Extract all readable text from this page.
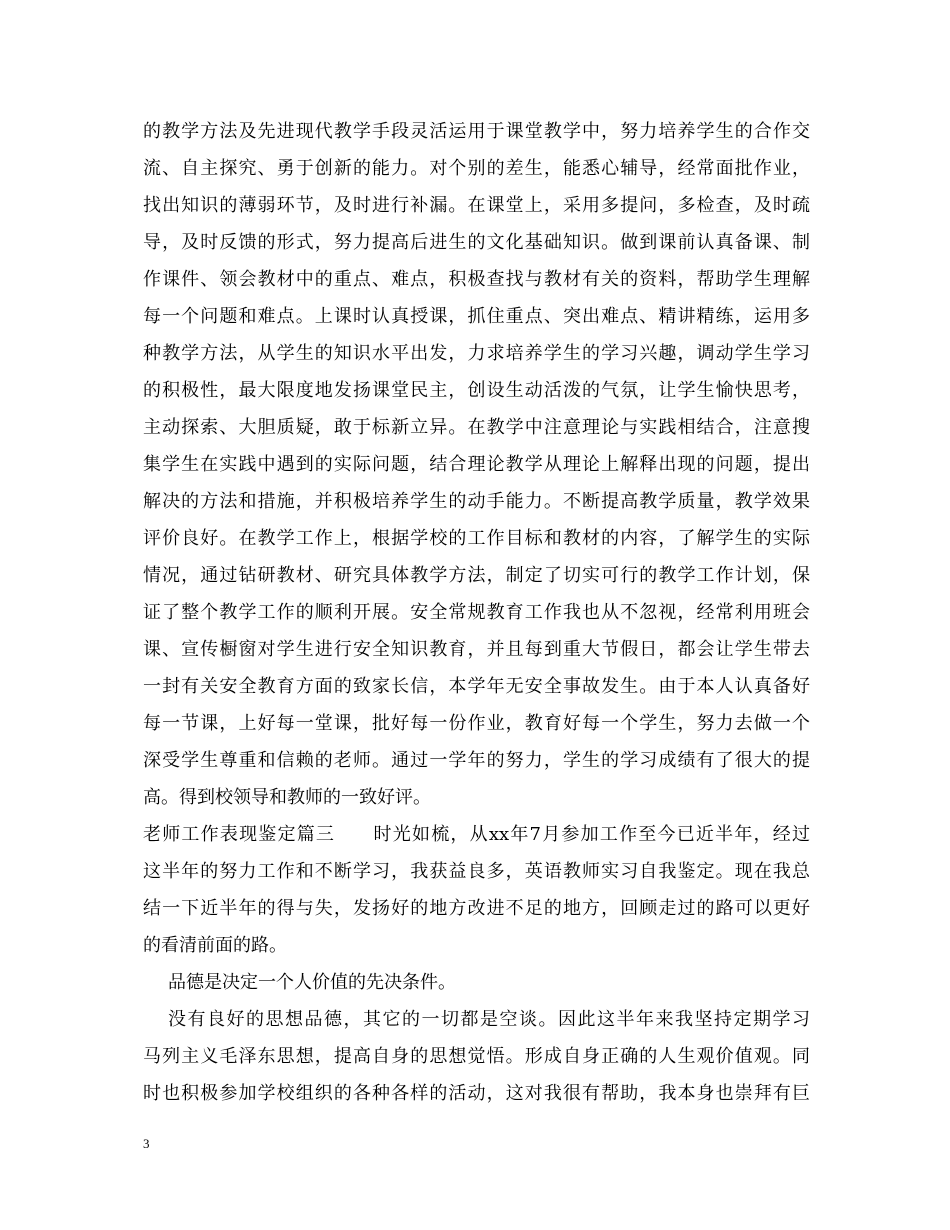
的教学方法及先进现代教学手段灵活运用于课堂教学中，努力培养学生的合作交
流、自主探究、勇于创新的能力。对个别的差生，能悉心辅导，经常面批作业，
找出知识的薄弱环节，及时进行补漏。在课堂上，采用多提问，多检查，及时疏
导，及时反馈的形式，努力提高后进生的文化基础知识。做到课前认真备课、制
作课件、领会教材中的重点、难点，积极查找与教材有关的资料，帮助学生理解
每一个问题和难点。上课时认真授课，抓住重点、突出难点、精讲精练，运用多
种教学方法，从学生的知识水平出发，力求培养学生的学习兴趣，调动学生学习
的积极性，最大限度地发扬课堂民主，创设生动活泼的气氛，让学生愉快思考，
主动探索、大胆质疑，敢于标新立异。在教学中注意理论与实践相结合，注意搜
集学生在实践中遇到的实际问题，结合理论教学从理论上解释出现的问题，提出
解决的方法和措施，并积极培养学生的动手能力。不断提高教学质量，教学效果
评价良好。在教学工作上，根据学校的工作目标和教材的内容，了解学生的实际
情况，通过钻研教材、研究具体教学方法，制定了切实可行的教学工作计划，保
证了整个教学工作的顺利开展。安全常规教育工作我也从不忽视，经常利用班会
课、宣传橱窗对学生进行安全知识教育，并且每到重大节假日，都会让学生带去
一封有关安全教育方面的致家长信，本学年无安全事故发生。由于本人认真备好
每一节课，上好每一堂课，批好每一份作业，教育好每一个学生，努力去做一个
深受学生尊重和信赖的老师。通过一学年的努力，学生的学习成绩有了很大的提
高。得到校领导和教师的一致好评。
老师工作表现鉴定篇三　　时光如梳，从xx年7月参加工作至今已近半年，经过
这半年的努力工作和不断学习，我获益良多，英语教师实习自我鉴定。现在我总
结一下近半年的得与失，发扬好的地方改进不足的地方，回顾走过的路可以更好
的看清前面的路。
品德是决定一个人价值的先决条件。
没有良好的思想品德，其它的一切都是空谈。因此这半年来我坚持定期学习
马列主义毛泽东思想，提高自身的思想觉悟。形成自身正确的人生观价值观。同
时也积极参加学校组织的各种各样的活动，这对我很有帮助，我本身也崇拜有巨
3
